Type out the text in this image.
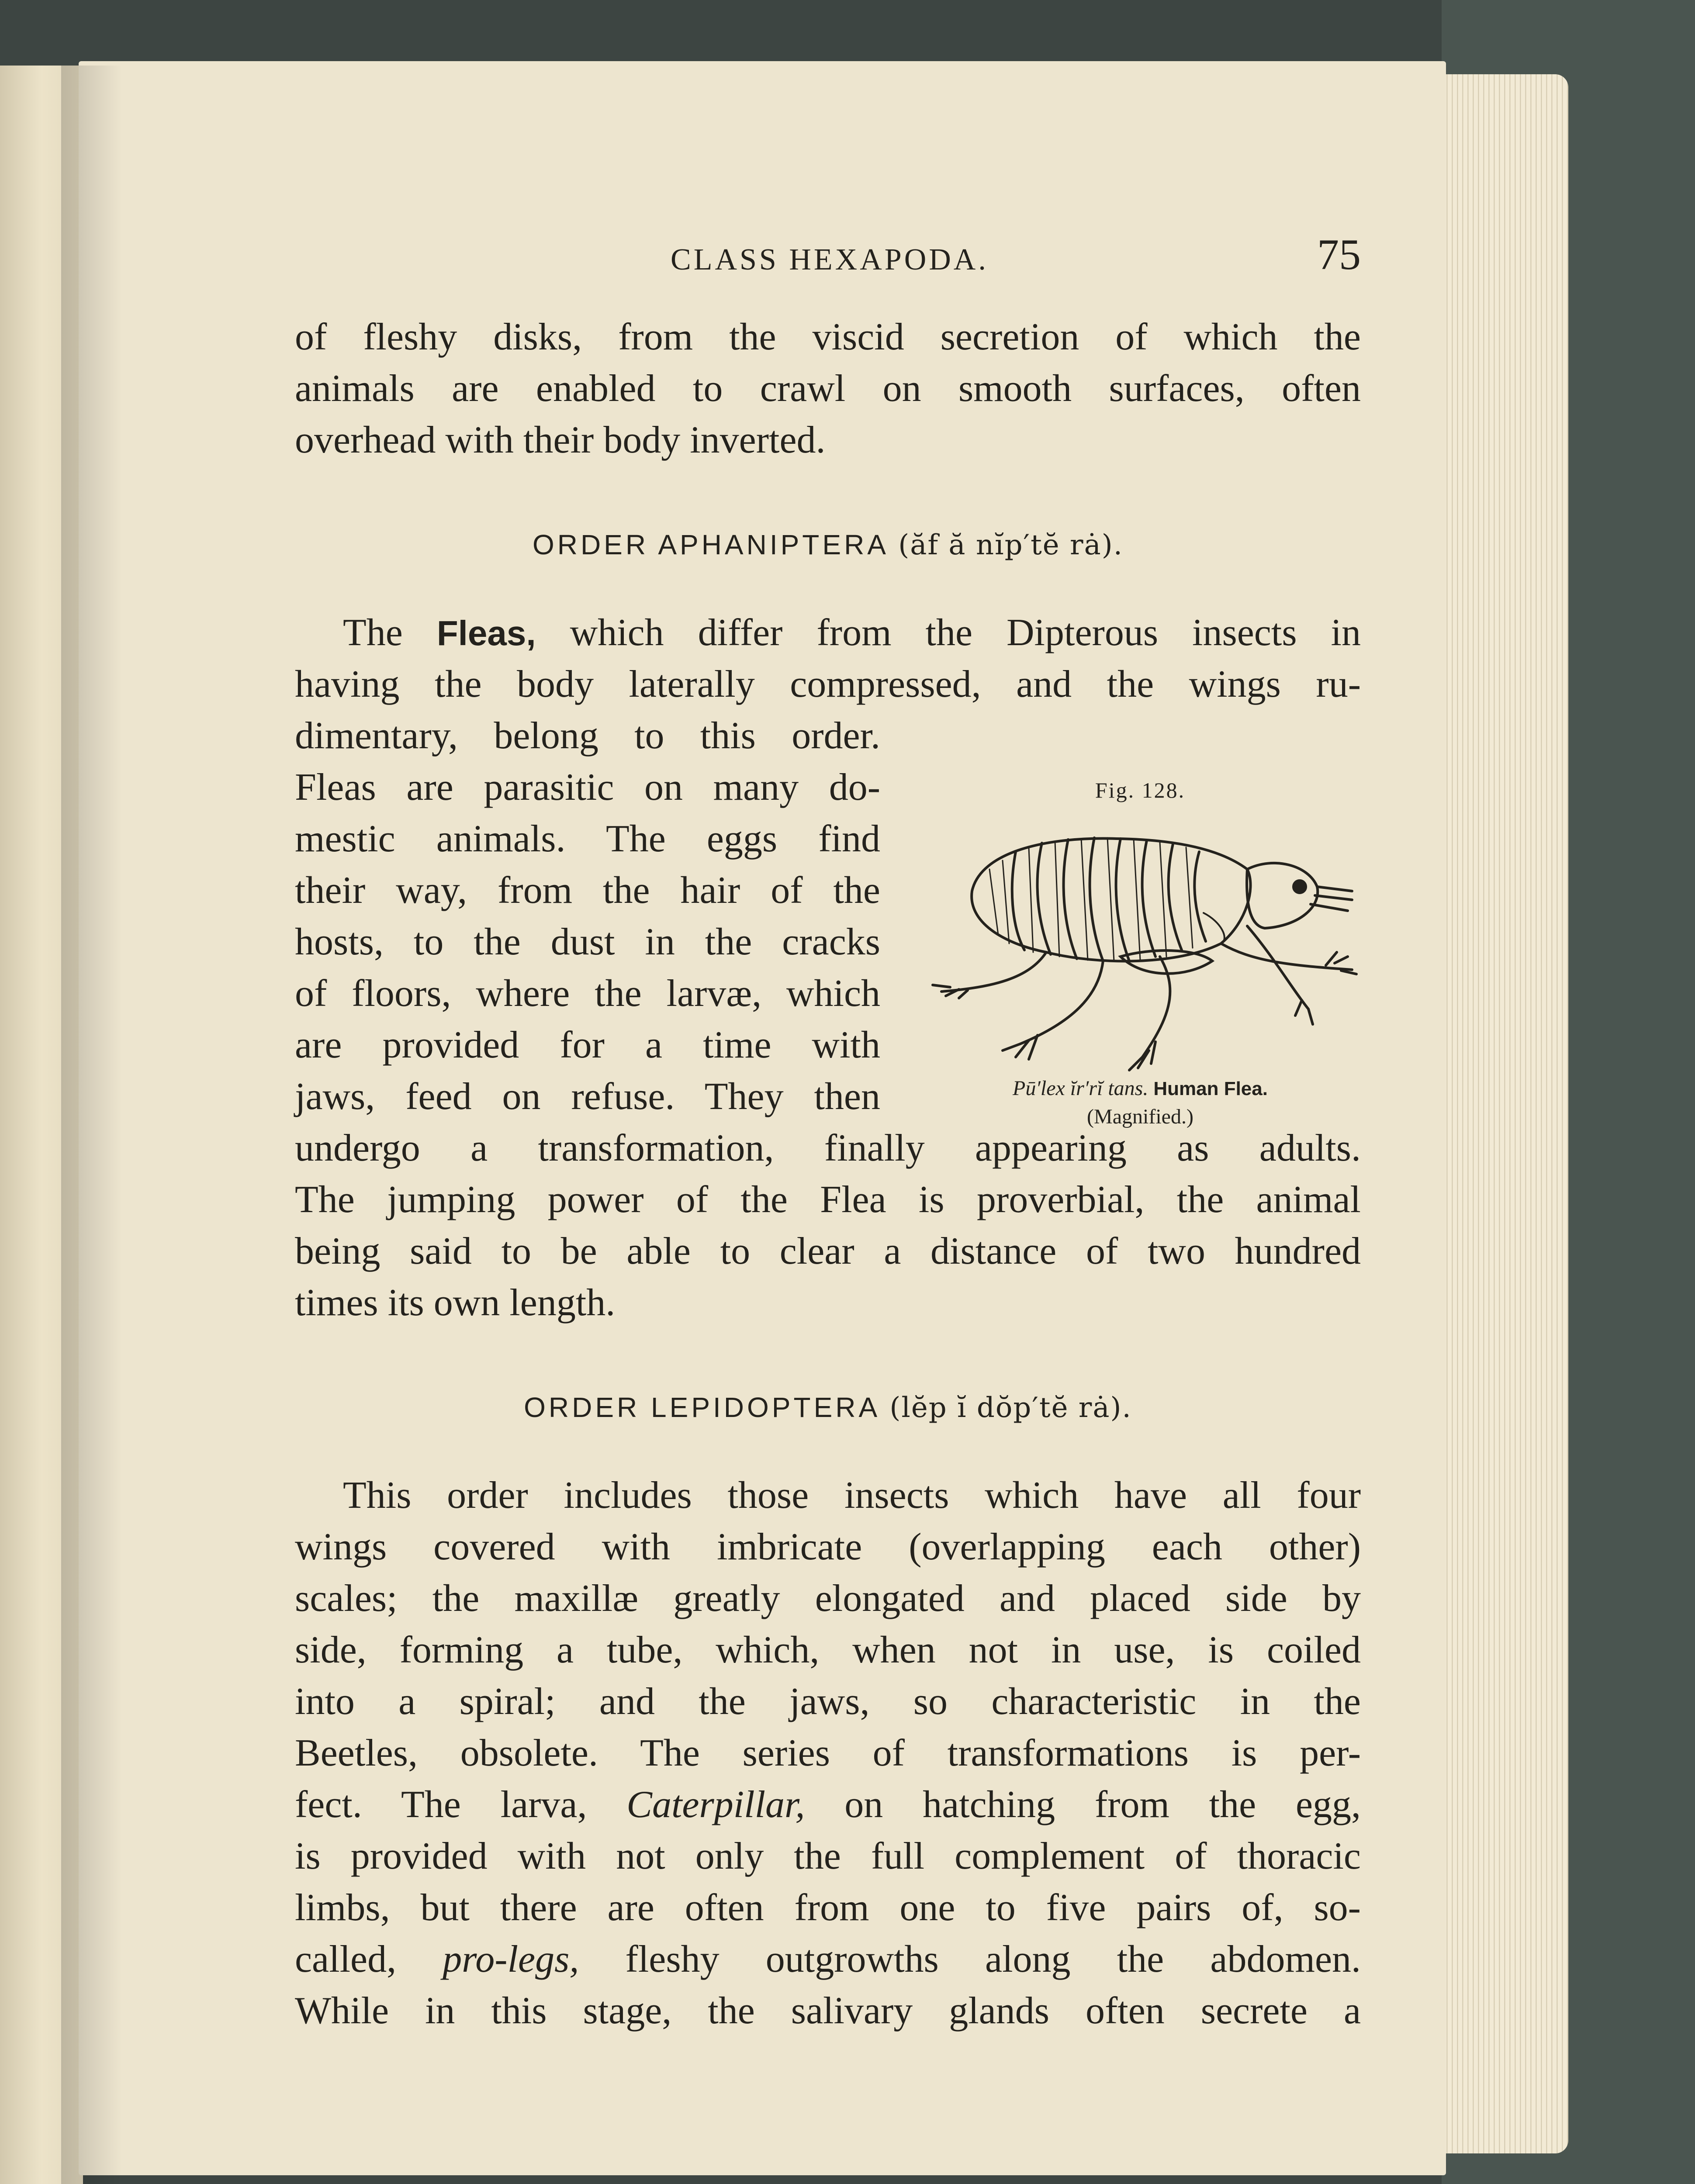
CLASS HEXAPODA.	75

of fleshy disks, from the viscid secretion of which the

animals are enabled to crawl on smooth surfaces, often

overhead with their body inverted.

ORDER APHANIPTERA (ăf ă nĭp′tĕ rȧ).

The Fleas, which differ from the Dipterous insects in

having the body laterally compressed, and the wings ru-

dimentary, belong to this order.

Fleas are parasitic on many do-

mestic animals. The eggs find

their way, from the hair of the

hosts, to the dust in the cracks

of floors, where the larvæ, which

are provided for a time with

jaws, feed on refuse. They then

undergo a transformation, finally appearing as adults.

The jumping power of the Flea is proverbial, the animal

being said to be able to clear a distance of two hundred

times its own length.

Fig. 128.
Pū′lex ĭr′rĭ tans. Human Flea.
(Magnified.)
ORDER LEPIDOPTERA (lĕp ĭ dŏp′tĕ rȧ).

This order includes those insects which have all four

wings covered with imbricate (overlapping each other)

scales; the maxillæ greatly elongated and placed side by

side, forming a tube, which, when not in use, is coiled

into a spiral; and the jaws, so characteristic in the

Beetles, obsolete. The series of transformations is per-

fect. The larva, Caterpillar, on hatching from the egg,

is provided with not only the full complement of thoracic

limbs, but there are often from one to five pairs of, so-

called, pro-legs, fleshy outgrowths along the abdomen.

While in this stage, the salivary glands often secrete a
